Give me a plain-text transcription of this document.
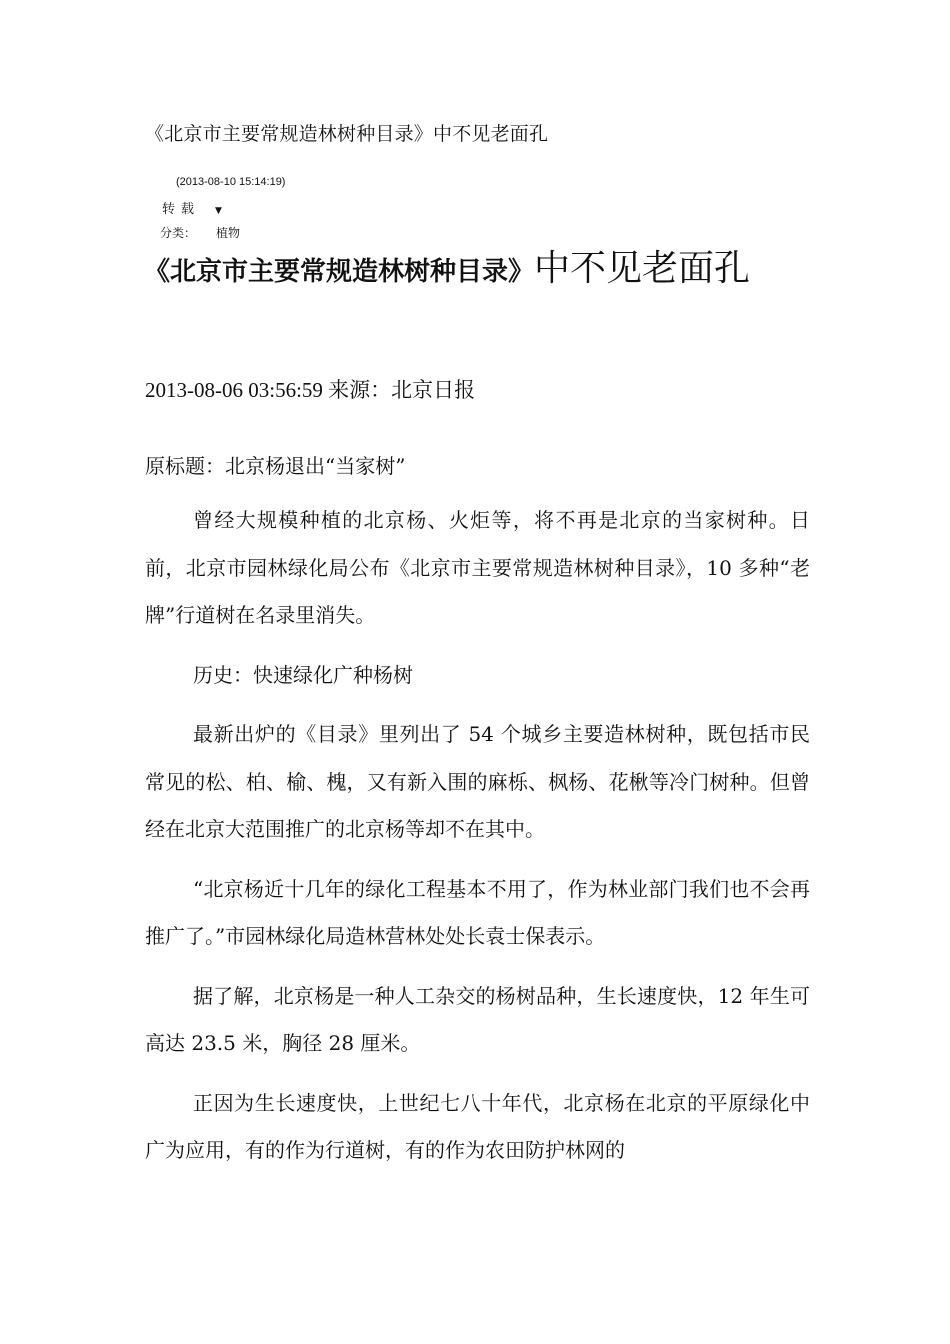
《北京市主要常规造林树种目录》中不见老面孔
(2013-08-10 15:14:19)
转载 ▼
分类： 植物
《北京市主要常规造林树种目录》中不见老面孔
2013-08-06 03:56:59 来源：北京日报
原标题：北京杨退出“当家树”

曾经大规模种植的北京杨、火炬等，将不再是北京的当家树种。日前，北京市园林绿化局公布《北京市主要常规造林树种目录》，10 多种“老牌”行道树在名录里消失。

历史：快速绿化广种杨树

最新出炉的《目录》里列出了 54 个城乡主要造林树种，既包括市民常见的松、柏、榆、槐，又有新入围的麻栎、枫杨、花楸等冷门树种。但曾经在北京大范围推广的北京杨等却不在其中。

“北京杨近十几年的绿化工程基本不用了，作为林业部门我们也不会再推广了。”市园林绿化局造林营林处处长袁士保表示。

据了解，北京杨是一种人工杂交的杨树品种，生长速度快，12 年生可高达 23.5 米，胸径 28 厘米。

正因为生长速度快，上世纪七八十年代，北京杨在北京的平原绿化中广为应用，有的作为行道树，有的作为农田防护林网的
